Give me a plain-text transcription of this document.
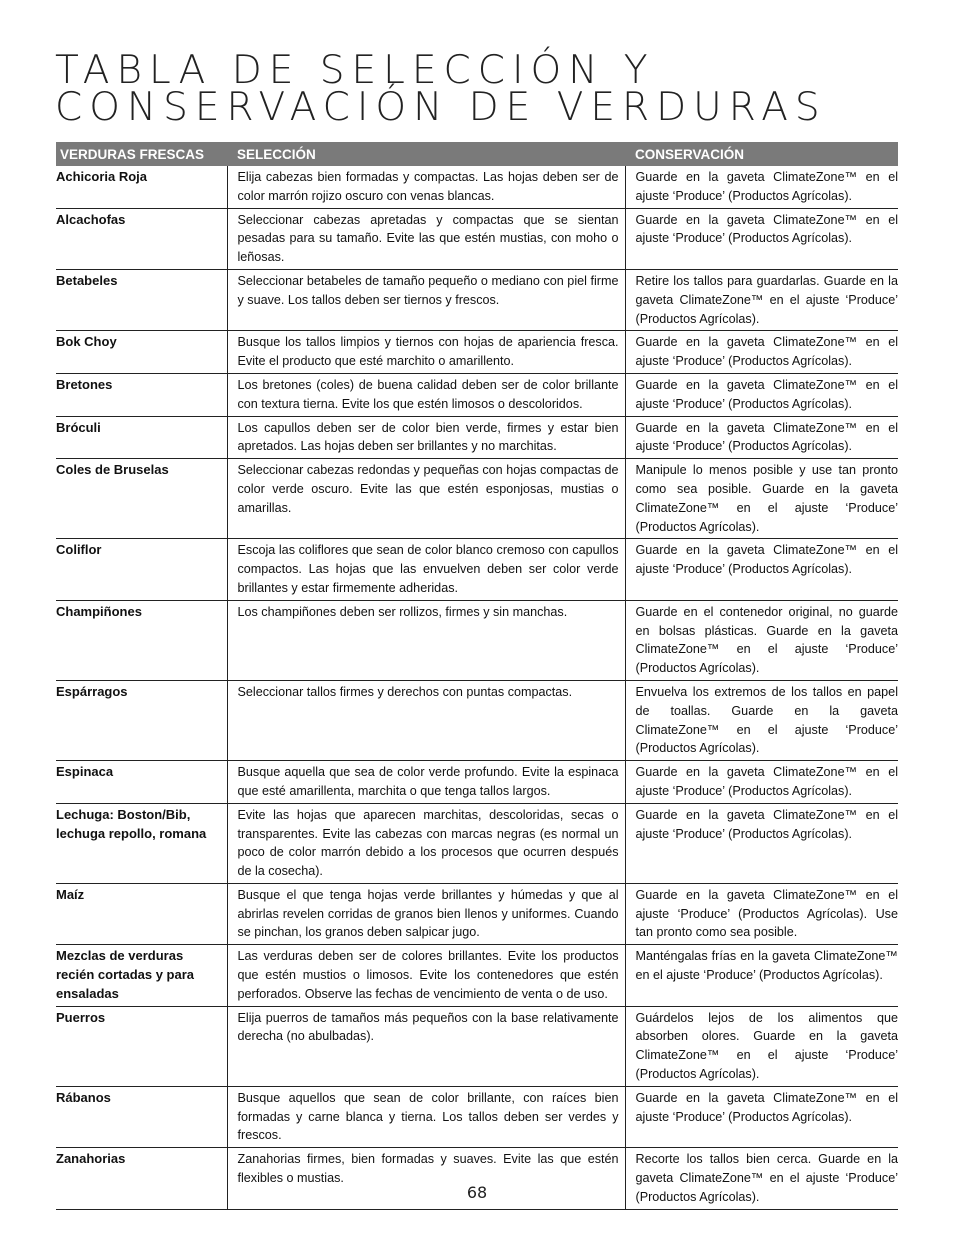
TABLA DE SELECCIÓN Y
CONSERVACIÓN DE VERDURAS
VERDURAS FRESCAS	SELECCIÓN	CONSERVACIÓN
Achicoria Roja	Elija cabezas bien formadas y compactas. Las hojas deben ser de color marrón rojizo oscuro con venas blancas.	Guarde en la gaveta ClimateZone™ en el ajuste ‘Produce’ (Productos Agrícolas).
Alcachofas	Seleccionar cabezas apretadas y compactas que se sientan pesadas para su tamaño. Evite las que estén mustias, con moho o leñosas.	Guarde en la gaveta ClimateZone™ en el ajuste ‘Produce’ (Productos Agrícolas).
Betabeles	Seleccionar betabeles de tamaño pequeño o mediano con piel firme y suave. Los tallos deben ser tiernos y frescos.	Retire los tallos para guardarlas. Guarde en la gaveta ClimateZone™ en el ajuste ‘Produce’ (Productos Agrícolas).
Bok Choy	Busque los tallos limpios y tiernos con hojas de apariencia fresca. Evite el producto que esté marchito o amarillento.	Guarde en la gaveta ClimateZone™ en el ajuste ‘Produce’ (Productos Agrícolas).
Bretones	Los bretones (coles) de buena calidad deben ser de color brillante con textura tierna. Evite los que estén limosos o descoloridos.	Guarde en la gaveta ClimateZone™ en el ajuste ‘Produce’ (Productos Agrícolas).
Bróculi	Los capullos deben ser de color bien verde, firmes y estar bien apretados. Las hojas deben ser brillantes y no marchitas.	Guarde en la gaveta ClimateZone™ en el ajuste ‘Produce’ (Productos Agrícolas).
Coles de Bruselas	Seleccionar cabezas redondas y pequeñas con hojas compactas de color verde oscuro. Evite las que estén esponjosas, mustias o amarillas.	Manipule lo menos posible y use tan pronto como sea posible. Guarde en la gaveta ClimateZone™ en el ajuste ‘Produce’ (Productos Agrícolas).
Coliflor	Escoja las coliflores que sean de color blanco cremoso con capullos compactos. Las hojas que las envuelven deben ser color verde brillantes y estar firmemente adheridas.	Guarde en la gaveta ClimateZone™ en el ajuste ‘Produce’ (Productos Agrícolas).
Champiñones	Los champiñones deben ser rollizos, firmes y sin manchas.	Guarde en el contenedor original, no guarde en bolsas plásticas. Guarde en la gaveta ClimateZone™ en el ajuste ‘Produce’ (Productos Agrícolas).
Espárragos	Seleccionar tallos firmes y derechos con puntas compactas.	Envuelva los extremos de los tallos en papel de toallas. Guarde en la gaveta ClimateZone™ en el ajuste ‘Produce’ (Productos Agrícolas).
Espinaca	Busque aquella que sea de color verde profundo. Evite la espinaca que esté amarillenta, marchita o que tenga tallos largos.	Guarde en la gaveta ClimateZone™ en el ajuste ‘Produce’ (Productos Agrícolas).
Lechuga: Boston/Bib, lechuga repollo, romana	Evite las hojas que aparecen marchitas, descoloridas, secas o transparentes. Evite las cabezas con marcas negras (es normal un poco de color marrón debido a los procesos que ocurren después de la cosecha).	Guarde en la gaveta ClimateZone™ en el ajuste ‘Produce’ (Productos Agrícolas).
Maíz	Busque el que tenga hojas verde brillantes y húmedas y que al abrirlas revelen corridas de granos bien llenos y uniformes. Cuando se pinchan, los granos deben salpicar jugo.	Guarde en la gaveta ClimateZone™ en el ajuste ‘Produce’ (Productos Agrícolas). Use tan pronto como sea posible.
Mezclas de verduras recién cortadas y para ensaladas	Las verduras deben ser de colores brillantes. Evite los productos que estén mustios o limosos. Evite los contenedores que estén perforados. Observe las fechas de vencimiento de venta o de uso.	Manténgalas frías en la gaveta ClimateZone™ en el ajuste ‘Produce’ (Productos Agrícolas).
Puerros	Elija puerros de tamaños más pequeños con la base relativamente derecha (no abulbadas).	Guárdelos lejos de los alimentos que absorben olores. Guarde en la gaveta ClimateZone™ en el ajuste ‘Produce’ (Productos Agrícolas).
Rábanos	Busque aquellos que sean de color brillante, con raíces bien formadas y carne blanca y tierna. Los tallos deben ser verdes y frescos.	Guarde en la gaveta ClimateZone™ en el ajuste ‘Produce’ (Productos Agrícolas).
Zanahorias	Zanahorias firmes, bien formadas y suaves. Evite las que estén flexibles o mustias.	Recorte los tallos bien cerca. Guarde en la gaveta ClimateZone™ en el ajuste ‘Produce’ (Productos Agrícolas).
68
